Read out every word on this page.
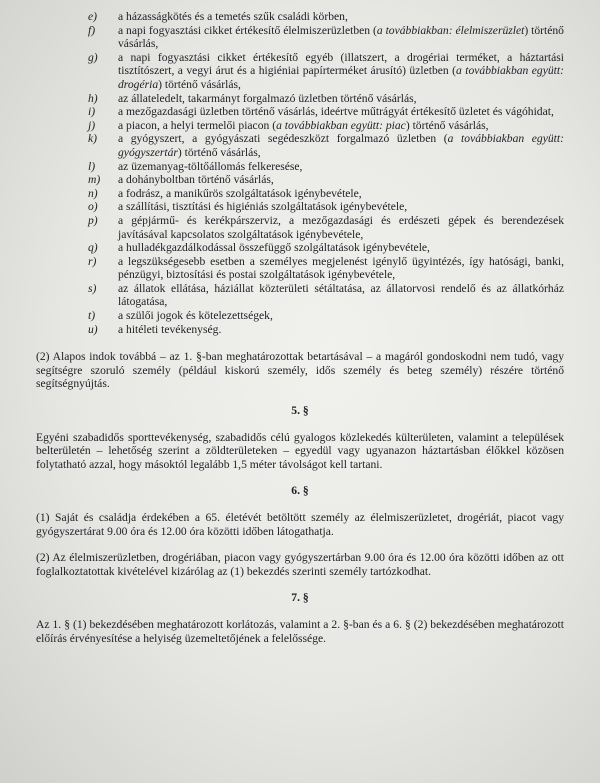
e)	a házasságkötés és a temetés szűk családi körben,
f)	a napi fogyasztási cikket értékesítő élelmiszerüzletben (a továbbiakban: élelmiszerüzlet) történő vásárlás,
g)	a napi fogyasztási cikket értékesítő egyéb (illatszert, a drogériai terméket, a háztartási tisztítószert, a vegyi árut és a higiéniai papírterméket árusító) üzletben (a továbbiakban együtt: drogéria) történő vásárlás,
h)	az állateledelt, takarmányt forgalmazó üzletben történő vásárlás,
i)	a mezőgazdasági üzletben történő vásárlás, ideértve műtrágyát értékesítő üzletet és vágóhidat,
j)	a piacon, a helyi termelői piacon (a továbbiakban együtt: piac) történő vásárlás,
k)	a gyógyszert, a gyógyászati segédeszközt forgalmazó üzletben (a továbbiakban együtt: gyógyszertár) történő vásárlás,
l)	az üzemanyag-töltőállomás felkeresése,
m)	a dohányboltban történő vásárlás,
n)	a fodrász, a manikűrös szolgáltatások igénybevétele,
o)	a szállítási, tisztítási és higiéniás szolgáltatások igénybevétele,
p)	a gépjármű- és kerékpárszerviz, a mezőgazdasági és erdészeti gépek és berendezések javításával kapcsolatos szolgáltatások igénybevétele,
q)	a hulladékgazdálkodással összefüggő szolgáltatások igénybevétele,
r)	a legszükségesebb esetben a személyes megjelenést igénylő ügyintézés, így hatósági, banki, pénzügyi, biztosítási és postai szolgáltatások igénybevétele,
s)	az állatok ellátása, háziállat közterületi sétáltatása, az állatorvosi rendelő és az állatkórház látogatása,
t)	a szülői jogok és kötelezettségek,
u)	a hitéleti tevékenység.

(2) Alapos indok továbbá – az 1. §-ban meghatározottak betartásával – a magáról gondoskodni nem tudó, vagy segítségre szoruló személy (például kiskorú személy, idős személy és beteg személy) részére történő segítségnyújtás.

5. §

Egyéni szabadidős sporttevékenység, szabadidős célú gyalogos közlekedés külterületen, valamint a települések belterületén – lehetőség szerint a zöldterületeken – egyedül vagy ugyanazon háztartásban élőkkel közösen folytatható azzal, hogy másoktól legalább 1,5 méter távolságot kell tartani.

6. §

(1) Saját és családja érdekében a 65. életévét betöltött személy az élelmiszerüzletet, drogériát, piacot vagy gyógyszertárat 9.00 óra és 12.00 óra közötti időben látogathatja.

(2) Az élelmiszerüzletben, drogériában, piacon vagy gyógyszertárban 9.00 óra és 12.00 óra közötti időben az ott foglalkoztatottak kivételével kizárólag az (1) bekezdés szerinti személy tartózkodhat.

7. §

Az 1. § (1) bekezdésében meghatározott korlátozás, valamint a 2. §-ban és a 6. § (2) bekezdésében meghatározott előírás érvényesítése a helyiség üzemeltetőjének a felelőssége.
